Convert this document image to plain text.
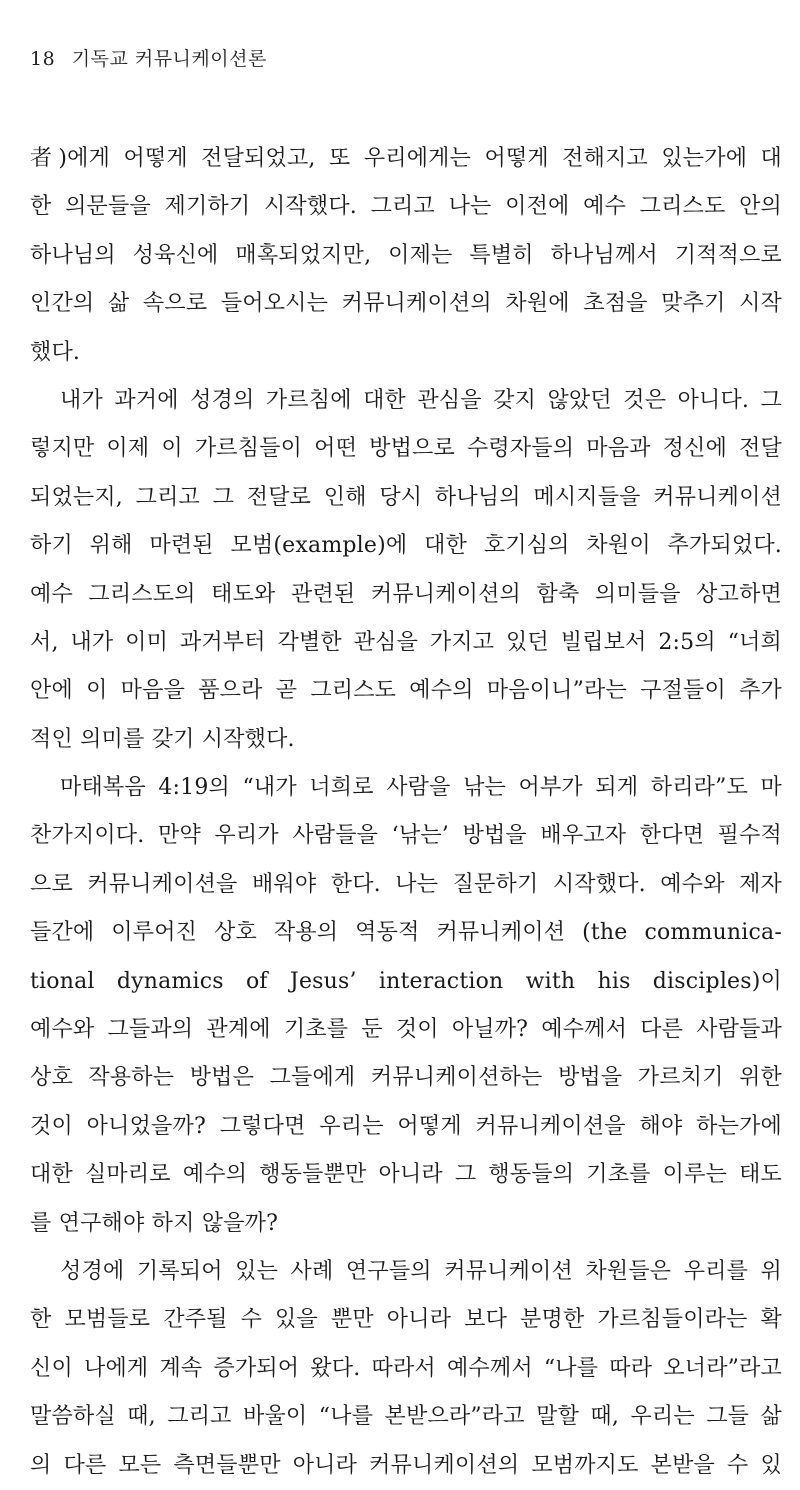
18 기독교 커뮤니케이션론
者)에게 어떻게 전달되었고, 또 우리에게는 어떻게 전해지고 있는가에 대
한 의문들을 제기하기 시작했다. 그리고 나는 이전에 예수 그리스도 안의
하나님의 성육신에 매혹되었지만, 이제는 특별히 하나님께서 기적적으로
인간의 삶 속으로 들어오시는 커뮤니케이션의 차원에 초점을 맞추기 시작
했다.
내가 과거에 성경의 가르침에 대한 관심을 갖지 않았던 것은 아니다. 그
렇지만 이제 이 가르침들이 어떤 방법으로 수령자들의 마음과 정신에 전달
되었는지, 그리고 그 전달로 인해 당시 하나님의 메시지들을 커뮤니케이션
하기 위해 마련된 모범(example)에 대한 호기심의 차원이 추가되었다.
예수 그리스도의 태도와 관련된 커뮤니케이션의 함축 의미들을 상고하면
서, 내가 이미 과거부터 각별한 관심을 가지고 있던 빌립보서 2:5의 “너희
안에 이 마음을 품으라 곧 그리스도 예수의 마음이니”라는 구절들이 추가
적인 의미를 갖기 시작했다.
마태복음 4:19의 “내가 너희로 사람을 낚는 어부가 되게 하리라”도 마
찬가지이다. 만약 우리가 사람들을 ‘낚는’ 방법을 배우고자 한다면 필수적
으로 커뮤니케이션을 배워야 한다. 나는 질문하기 시작했다. 예수와 제자
들간에 이루어진 상호 작용의 역동적 커뮤니케이션 (the communica-
tional dynamics of Jesus’ interaction with his disciples)이
예수와 그들과의 관계에 기초를 둔 것이 아닐까? 예수께서 다른 사람들과
상호 작용하는 방법은 그들에게 커뮤니케이션하는 방법을 가르치기 위한
것이 아니었을까? 그렇다면 우리는 어떻게 커뮤니케이션을 해야 하는가에
대한 실마리로 예수의 행동들뿐만 아니라 그 행동들의 기초를 이루는 태도
를 연구해야 하지 않을까?
성경에 기록되어 있는 사례 연구들의 커뮤니케이션 차원들은 우리를 위
한 모범들로 간주될 수 있을 뿐만 아니라 보다 분명한 가르침들이라는 확
신이 나에게 계속 증가되어 왔다. 따라서 예수께서 “나를 따라 오너라”라고
말씀하실 때, 그리고 바울이 “나를 본받으라”라고 말할 때, 우리는 그들 삶
의 다른 모든 측면들뿐만 아니라 커뮤니케이션의 모범까지도 본받을 수 있
